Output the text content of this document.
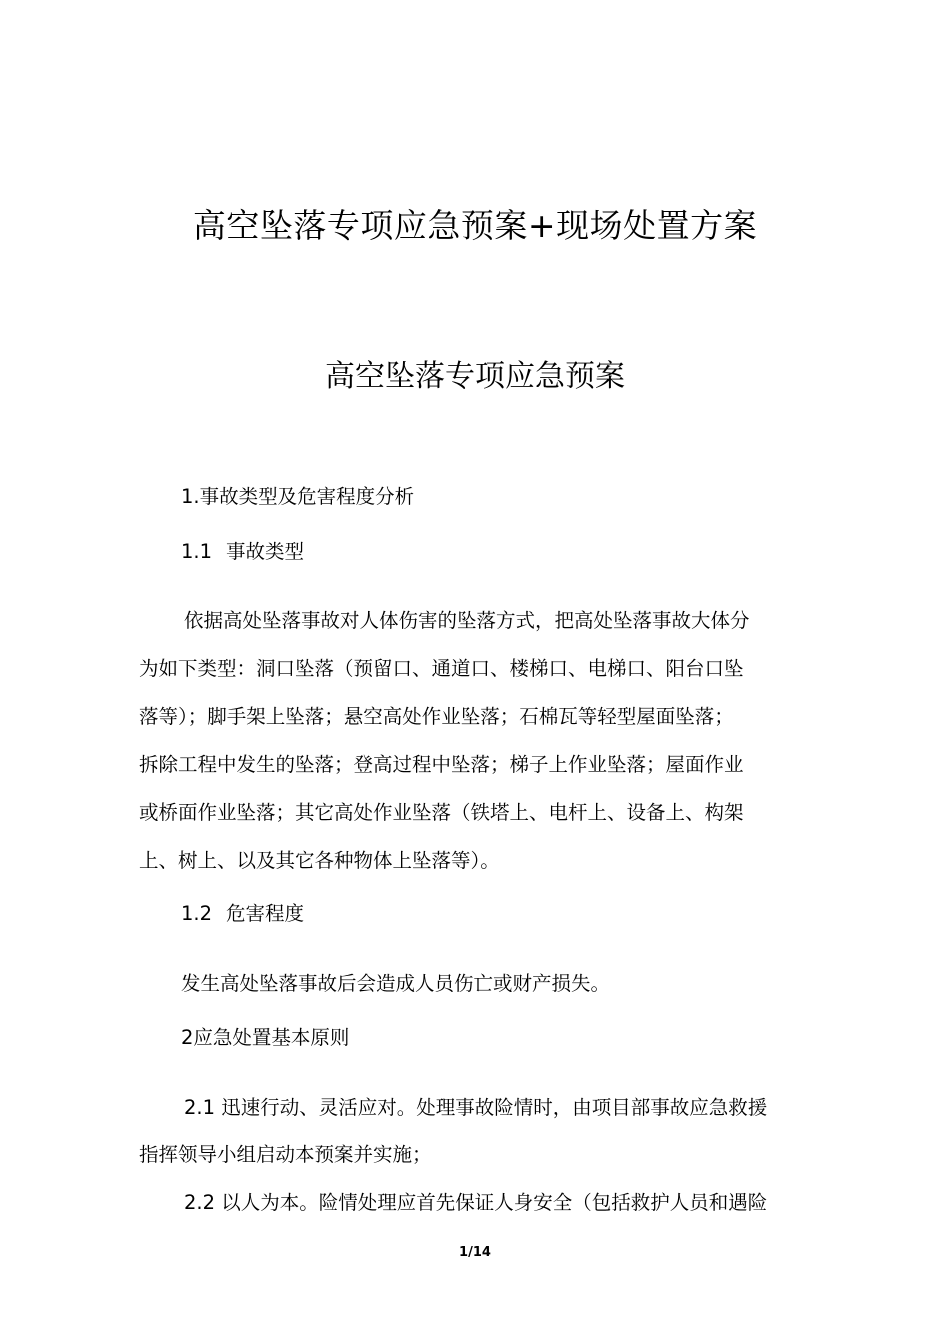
高空坠落专项应急预案+现场处置方案
高空坠落专项应急预案
1.事故类型及危害程度分析
1.1 事故类型
依据高处坠落事故对人体伤害的坠落方式，把高处坠落事故大体分
为如下类型：洞口坠落（预留口、通道口、楼梯口、电梯口、阳台口坠
落等）；脚手架上坠落；悬空高处作业坠落；石棉瓦等轻型屋面坠落；
拆除工程中发生的坠落；登高过程中坠落；梯子上作业坠落；屋面作业
或桥面作业坠落；其它高处作业坠落（铁塔上、电杆上、设备上、构架
上、树上、以及其它各种物体上坠落等）。
1.2 危害程度
发生高处坠落事故后会造成人员伤亡或财产损失。
2应急处置基本原则
2.1 迅速行动、灵活应对。处理事故险情时，由项目部事故应急救援
指挥领导小组启动本预案并实施；
2.2 以人为本。险情处理应首先保证人身安全（包括救护人员和遇险
1/14
